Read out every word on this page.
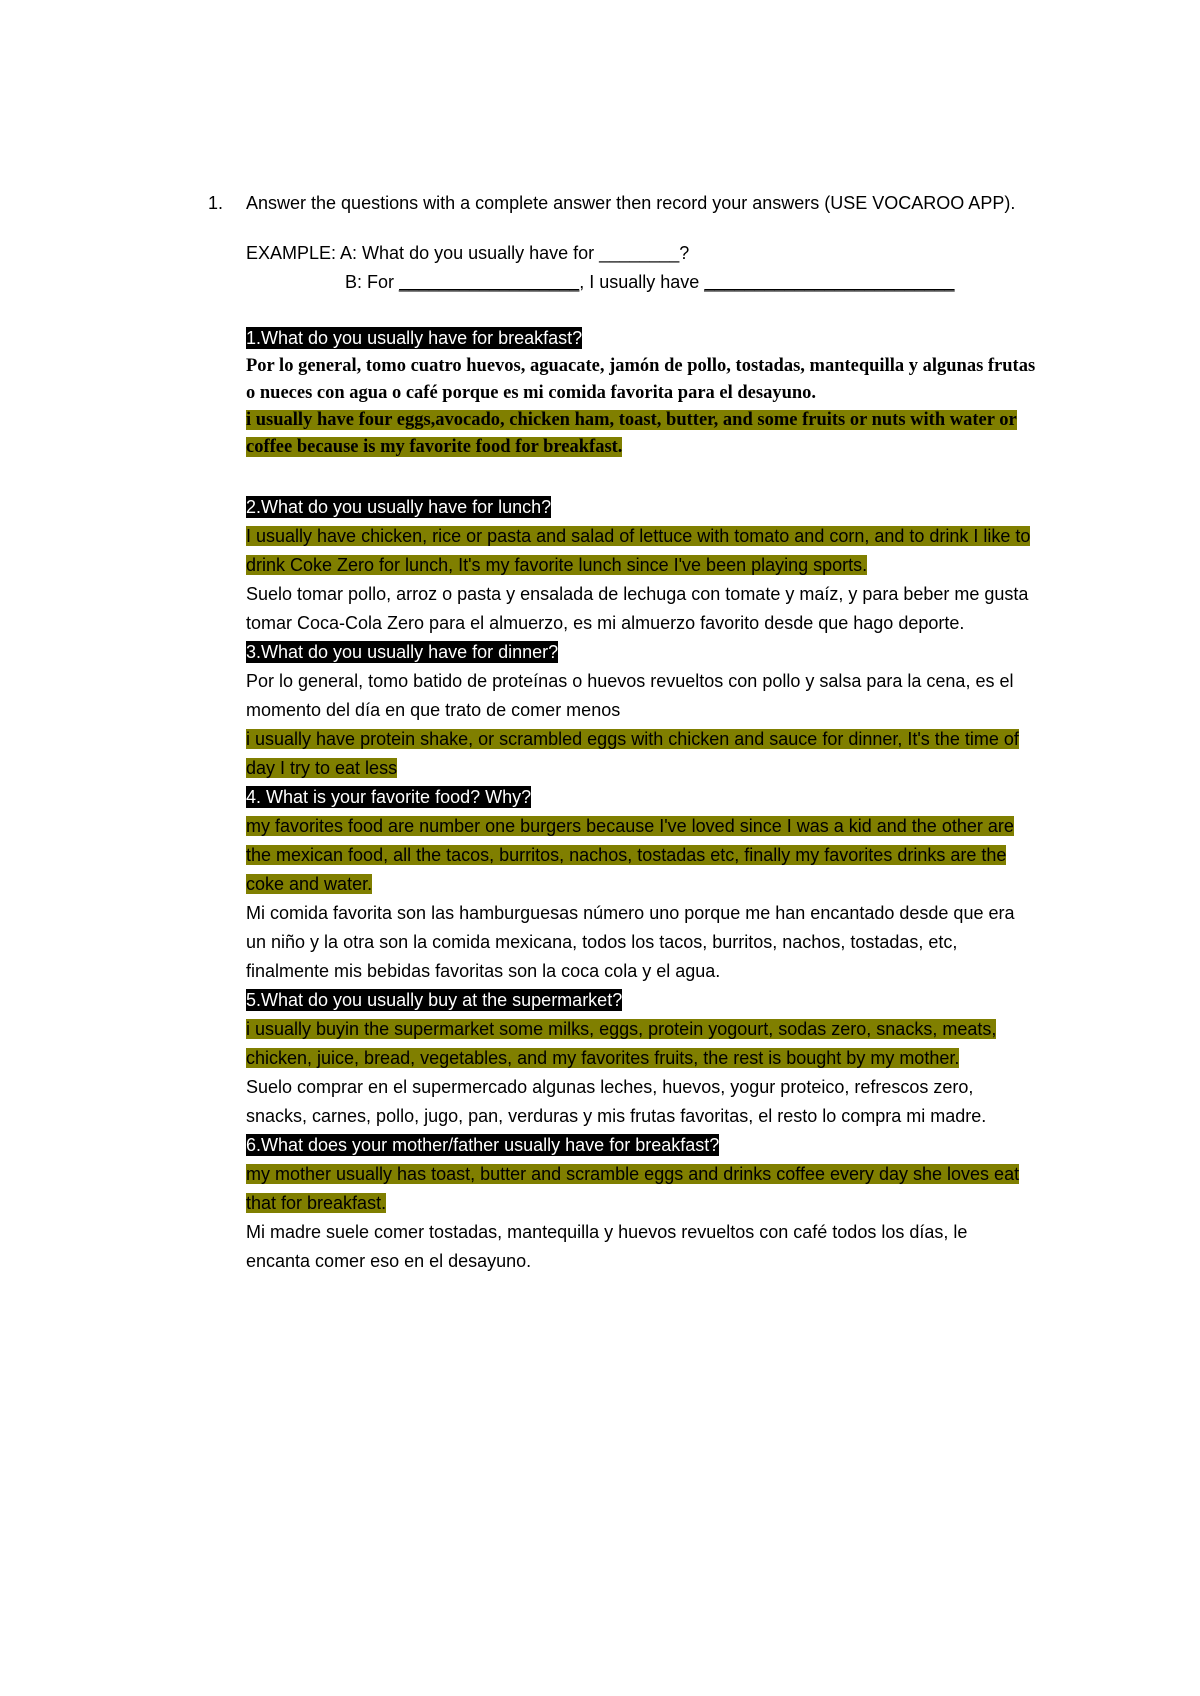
1. Answer the questions with a complete answer then record your answers (USE VOCAROO APP).
EXAMPLE: A: What do you usually have for ________?
B: For __________________, I usually have _________________________
1.What do you usually have for breakfast?
Por lo general, tomo cuatro huevos, aguacate, jamón de pollo, tostadas, mantequilla y algunas frutas o nueces con agua o café porque es mi comida favorita para el desayuno.
i usually have four eggs,avocado, chicken ham, toast, butter, and some fruits or nuts with water or coffee because is my favorite food for breakfast.
2.What do you usually have for lunch?
I usually have chicken, rice or pasta and salad of lettuce with tomato and corn, and to drink I like to drink Coke Zero for lunch, It's my favorite lunch since I've been playing sports.
Suelo tomar pollo, arroz o pasta y ensalada de lechuga con tomate y maíz, y para beber me gusta tomar Coca-Cola Zero para el almuerzo, es mi almuerzo favorito desde que hago deporte.
3.What do you usually have for dinner?
Por lo general, tomo batido de proteínas o huevos revueltos con pollo y salsa para la cena, es el momento del día en que trato de comer menos
i usually have protein shake, or scrambled eggs with chicken and sauce for dinner, It's the time of day I try to eat less
4. What is your favorite food? Why?
my favorites food are number one burgers because I've loved since I was a kid and the other are the mexican food, all the tacos, burritos, nachos, tostadas etc, finally my favorites drinks are the coke and water.
Mi comida favorita son las hamburguesas número uno porque me han encantado desde que era un niño y la otra son la comida mexicana, todos los tacos, burritos, nachos, tostadas, etc, finalmente mis bebidas favoritas son la coca cola y el agua.
5.What do you usually buy at the supermarket?
i usually buyin the supermarket some milks, eggs, protein yogourt, sodas zero, snacks, meats, chicken, juice, bread, vegetables, and my favorites fruits, the rest is bought by my mother.
Suelo comprar en el supermercado algunas leches, huevos, yogur proteico, refrescos zero, snacks, carnes, pollo, jugo, pan, verduras y mis frutas favoritas, el resto lo compra mi madre.
6.What does your mother/father usually have for breakfast?
my mother usually has toast, butter and scramble eggs and drinks coffee every day she loves eat that for breakfast.
Mi madre suele comer tostadas, mantequilla y huevos revueltos con café todos los días, le encanta comer eso en el desayuno.
